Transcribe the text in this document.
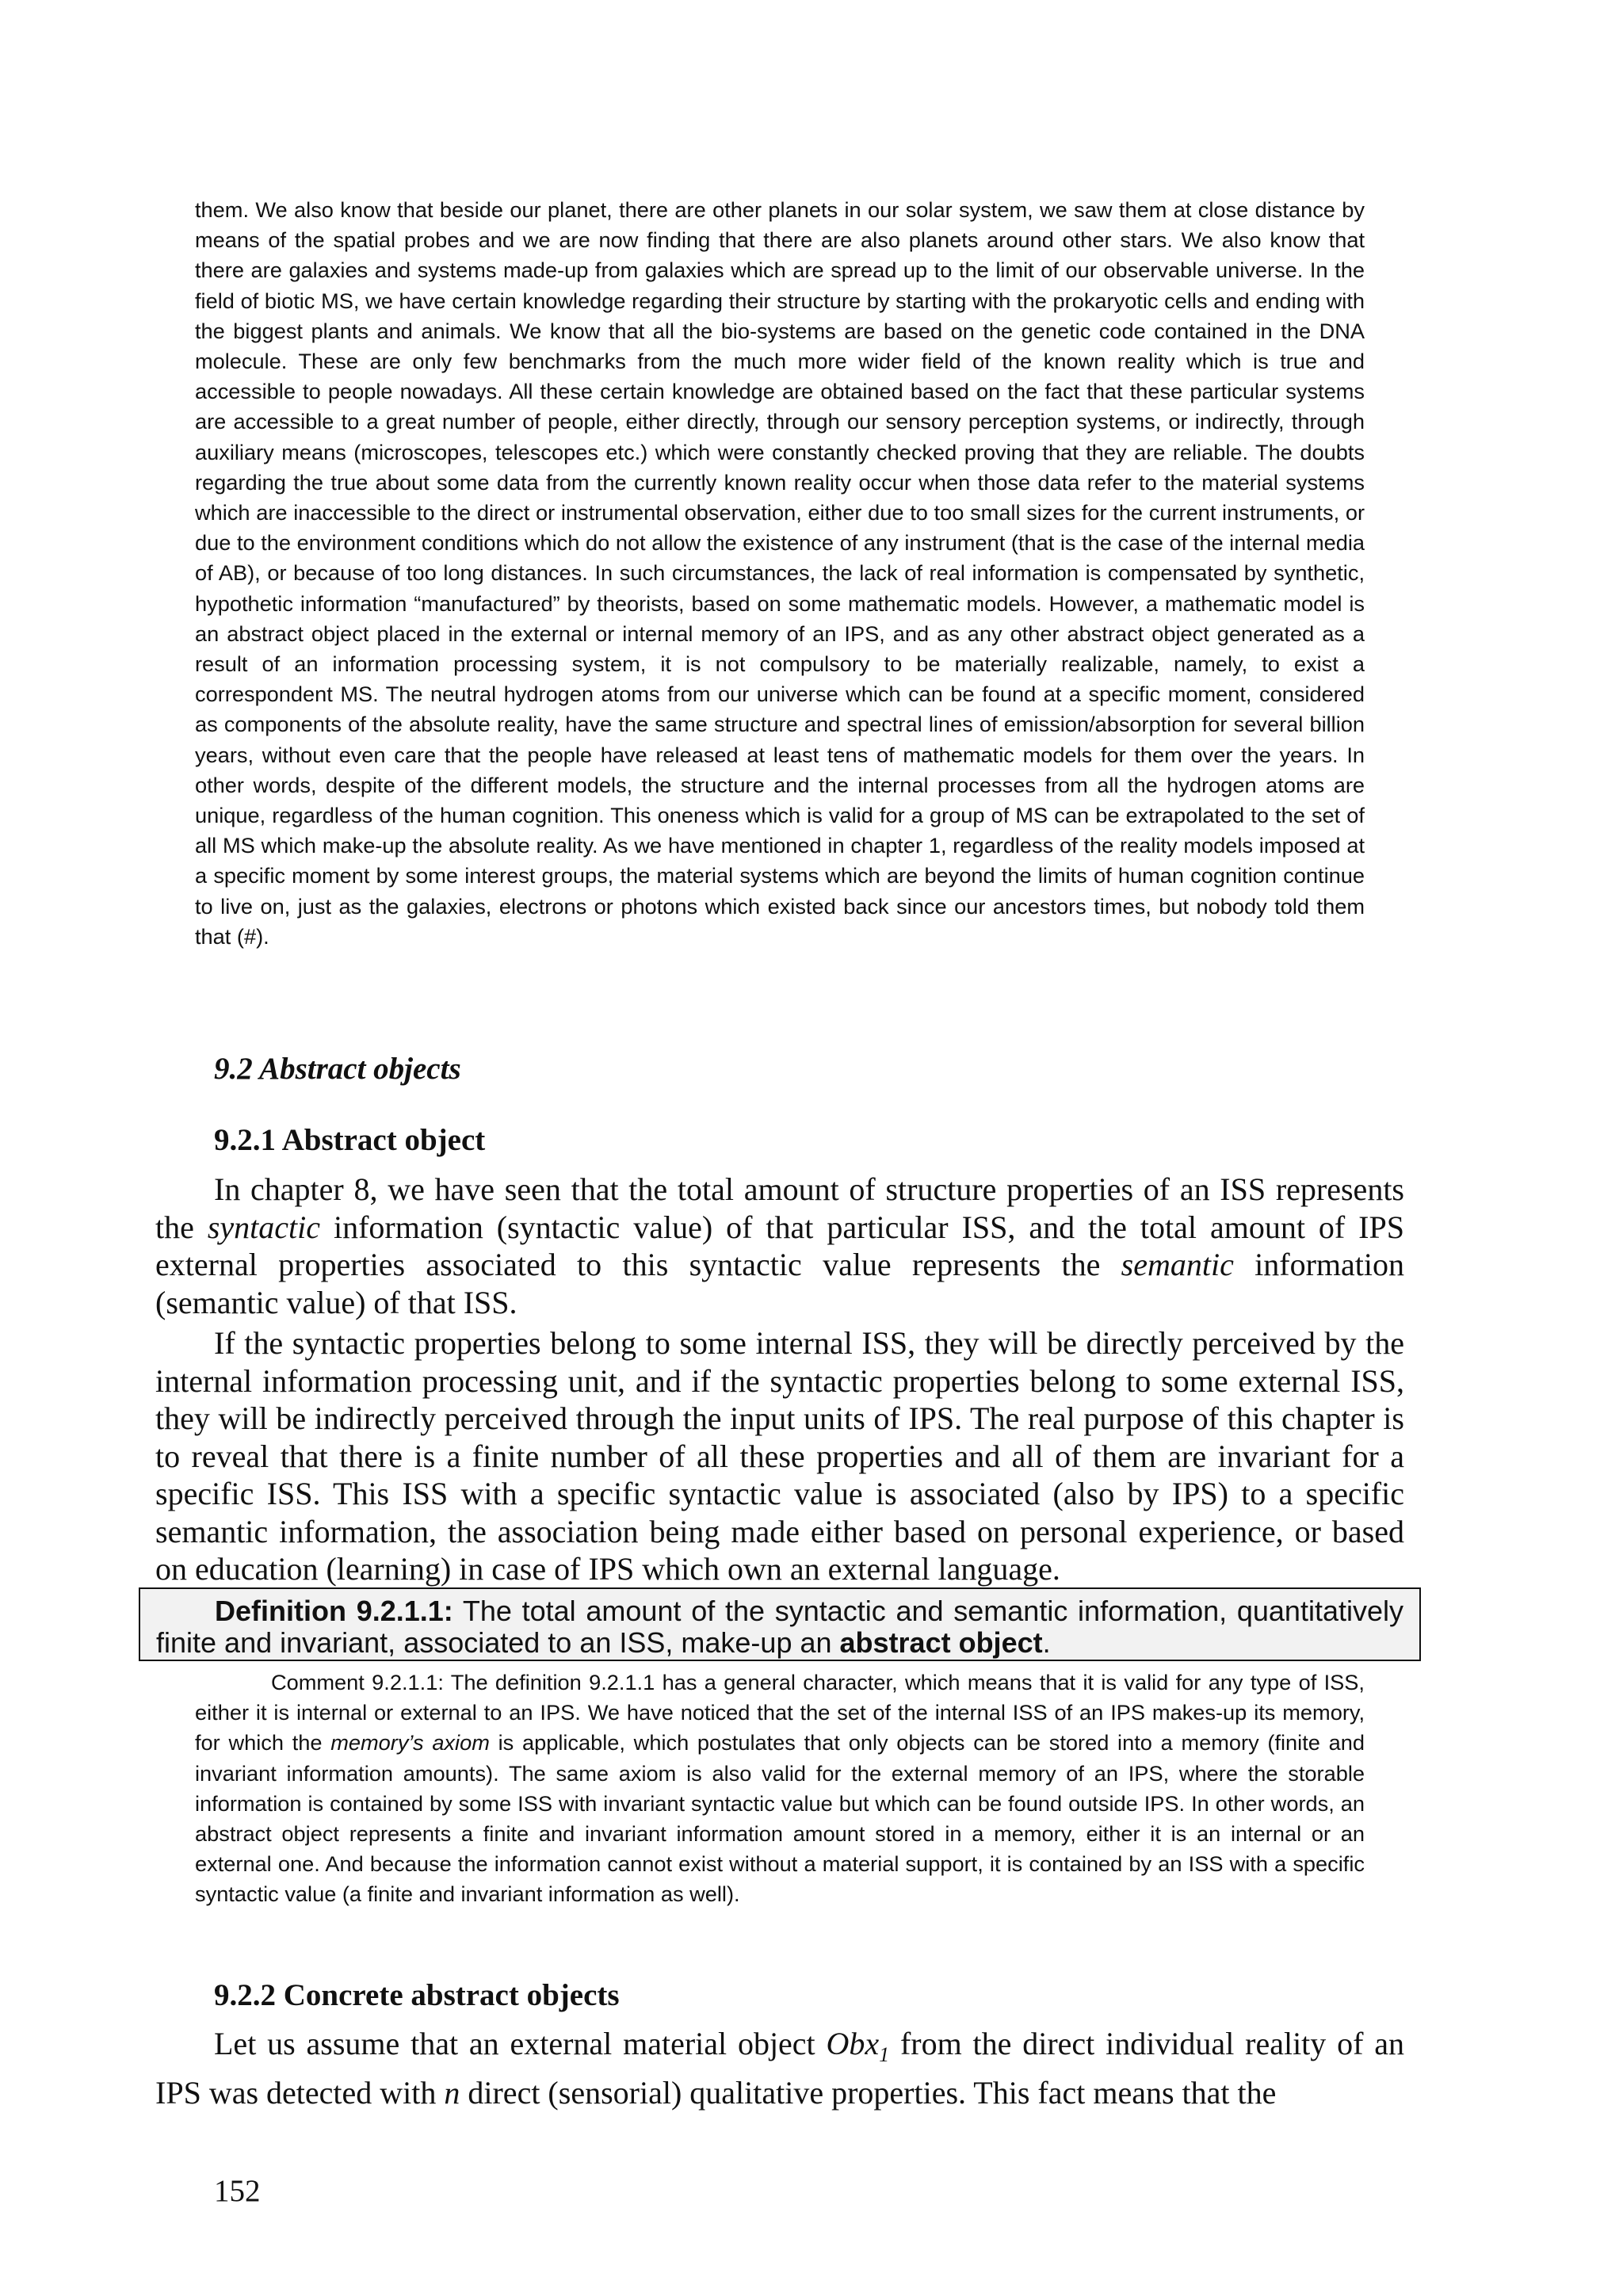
them. We also know that beside our planet, there are other planets in our solar system, we saw them at close distance by means of the spatial probes and we are now finding that there are also planets around other stars. We also know that there are galaxies and systems made-up from galaxies which are spread up to the limit of our observable universe. In the field of biotic MS, we have certain knowledge regarding their structure by starting with the prokaryotic cells and ending with the biggest plants and animals. We know that all the bio-systems are based on the genetic code contained in the DNA molecule. These are only few benchmarks from the much more wider field of the known reality which is true and accessible to people nowadays. All these certain knowledge are obtained based on the fact that these particular systems are accessible to a great number of people, either directly, through our sensory perception systems, or indirectly, through auxiliary means (microscopes, telescopes etc.) which were constantly checked proving that they are reliable. The doubts regarding the true about some data from the currently known reality occur when those data refer to the material systems which are inaccessible to the direct or instrumental observation, either due to too small sizes for the current instruments, or due to the environment conditions which do not allow the existence of any instrument (that is the case of the internal media of AB), or because of too long distances. In such circumstances, the lack of real information is compensated by synthetic, hypothetic information “manufactured” by theorists, based on some mathematic models. However, a mathematic model is an abstract object placed in the external or internal memory of an IPS, and as any other abstract object generated as a result of an information processing system, it is not compulsory to be materially realizable, namely, to exist a correspondent MS. The neutral hydrogen atoms from our universe which can be found at a specific moment, considered as components of the absolute reality, have the same structure and spectral lines of emission/absorption for several billion years, without even care that the people have released at least tens of mathematic models for them over the years. In other words, despite of the different models, the structure and the internal processes from all the hydrogen atoms are unique, regardless of the human cognition. This oneness which is valid for a group of MS can be extrapolated to the set of all MS which make-up the absolute reality. As we have mentioned in chapter 1, regardless of the reality models imposed at a specific moment by some interest groups, the material systems which are beyond the limits of human cognition continue to live on, just as the galaxies, electrons or photons which existed back since our ancestors times, but nobody told them that (#).

9.2 Abstract objects
9.2.1 Abstract object

In chapter 8, we have seen that the total amount of structure properties of an ISS represents the syntactic information (syntactic value) of that particular ISS, and the total amount of IPS external properties associated to this syntactic value represents the semantic information (semantic value) of that ISS.

If the syntactic properties belong to some internal ISS, they will be directly perceived by the internal information processing unit, and if the syntactic properties belong to some external ISS, they will be indirectly perceived through the input units of IPS. The real purpose of this chapter is to reveal that there is a finite number of all these properties and all of them are invariant for a specific ISS. This ISS with a specific syntactic value is associated (also by IPS) to a specific semantic information, the association being made either based on personal experience, or based on education (learning) in case of IPS which own an external language.

Definition 9.2.1.1: The total amount of the syntactic and semantic information, quantitatively finite and invariant, associated to an ISS, make-up an abstract object.

Comment 9.2.1.1: The definition 9.2.1.1 has a general character, which means that it is valid for any type of ISS, either it is internal or external to an IPS. We have noticed that the set of the internal ISS of an IPS makes-up its memory, for which the memory’s axiom is applicable, which postulates that only objects can be stored into a memory (finite and invariant information amounts). The same axiom is also valid for the external memory of an IPS, where the storable information is contained by some ISS with invariant syntactic value but which can be found outside IPS. In other words, an abstract object represents a finite and invariant information amount stored in a memory, either it is an internal or an external one. And because the information cannot exist without a material support, it is contained by an ISS with a specific syntactic value (a finite and invariant information as well).

9.2.2 Concrete abstract objects

Let us assume that an external material object Obx$_1$ from the direct individual reality of an IPS was detected with n direct (sensorial) qualitative properties. This fact means that the

152
